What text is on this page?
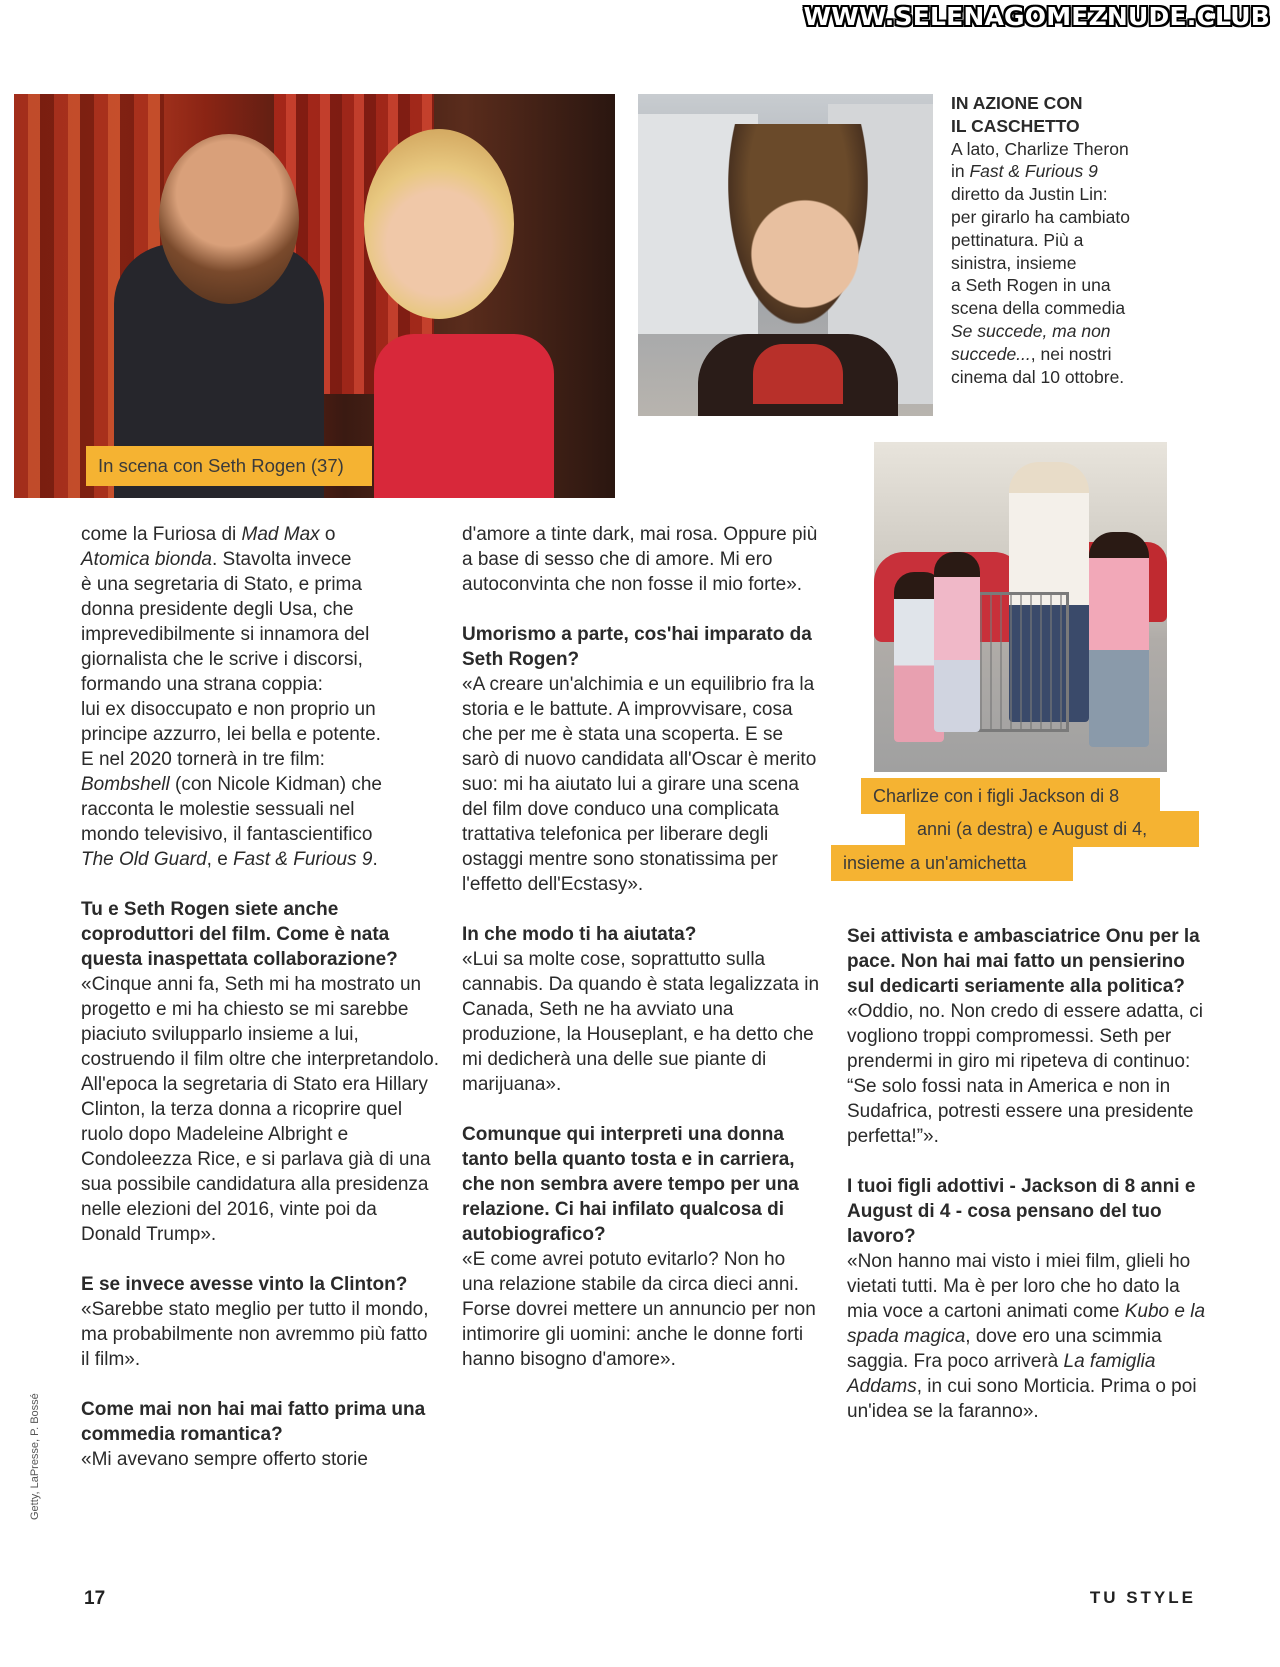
WWW.SELENAGOMEZNUDE.CLUB
In scena con Seth Rogen (37)
IN AZIONE CON
IL CASCHETTO
A lato, Charlize Theron
in Fast & Furious 9
diretto da Justin Lin:
per girarlo ha cambiato
pettinatura. Più a
sinistra, insieme
a Seth Rogen in una
scena della commedia
Se succede, ma non
succede..., nei nostri
cinema dal 10 ottobre.
Charlize con i figli Jackson di 8
anni (a destra) e August di 4,
insieme a un'amichetta

come la Furiosa di Mad Max o
Atomica bionda. Stavolta invece
è una segretaria di Stato, e prima
donna presidente degli Usa, che
imprevedibilmente si innamora del
giornalista che le scrive i discorsi,
formando una strana coppia:
lui ex disoccupato e non proprio un
principe azzurro, lei bella e potente.
E nel 2020 tornerà in tre film:
Bombshell (con Nicole Kidman) che
racconta le molestie sessuali nel
mondo televisivo, il fantascientifico
The Old Guard, e Fast & Furious 9.

Tu e Seth Rogen siete anche coproduttori del film. Come è nata questa inaspettata collaborazione?
«Cinque anni fa, Seth mi ha mostrato un progetto e mi ha chiesto se mi sarebbe piaciuto svilupparlo insieme a lui, costruendo il film oltre che interpretandolo. All'epoca la segretaria di Stato era Hillary Clinton, la terza donna a ricoprire quel ruolo dopo Madeleine Albright e Condoleezza Rice, e si parlava già di una sua possibile candidatura alla presidenza nelle elezioni del 2016, vinte poi da Donald Trump».

E se invece avesse vinto la Clinton?
«Sarebbe stato meglio per tutto il mondo, ma probabilmente non avremmo più fatto il film».

Come mai non hai mai fatto prima una commedia romantica?
«Mi avevano sempre offerto storie

d'amore a tinte dark, mai rosa. Oppure più a base di sesso che di amore. Mi ero autoconvinta che non fosse il mio forte».

Umorismo a parte, cos'hai imparato da Seth Rogen?
«A creare un'alchimia e un equilibrio fra la storia e le battute. A improvvisare, cosa che per me è stata una scoperta. E se sarò di nuovo candidata all'Oscar è merito suo: mi ha aiutato lui a girare una scena del film dove conduco una complicata trattativa telefonica per liberare degli ostaggi mentre sono stonatissima per l'effetto dell'Ecstasy».

In che modo ti ha aiutata?
«Lui sa molte cose, soprattutto sulla cannabis. Da quando è stata legalizzata in Canada, Seth ne ha avviato una produzione, la Houseplant, e ha detto che mi dedicherà una delle sue piante di marijuana».

Comunque qui interpreti una donna tanto bella quanto tosta e in carriera, che non sembra avere tempo per una relazione. Ci hai infilato qualcosa di autobiografico?
«E come avrei potuto evitarlo? Non ho una relazione stabile da circa dieci anni. Forse dovrei mettere un annuncio per non intimorire gli uomini: anche le donne forti hanno bisogno d'amore».

Sei attivista e ambasciatrice Onu per la pace. Non hai mai fatto un pensierino sul dedicarti seriamente alla politica?
«Oddio, no. Non credo di essere adatta, ci vogliono troppi compromessi. Seth per prendermi in giro mi ripeteva di continuo: “Se solo fossi nata in America e non in Sudafrica, potresti essere una presidente perfetta!”».

I tuoi figli adottivi - Jackson di 8 anni e August di 4 - cosa pensano del tuo lavoro?
«Non hanno mai visto i miei film, glieli ho vietati tutti. Ma è per loro che ho dato la mia voce a cartoni animati come Kubo e la spada magica, dove ero una scimmia saggia. Fra poco arriverà La famiglia Addams, in cui sono Morticia. Prima o poi un'idea se la faranno».

Getty, LaPresse, P. Bossé
17	TU STYLE
